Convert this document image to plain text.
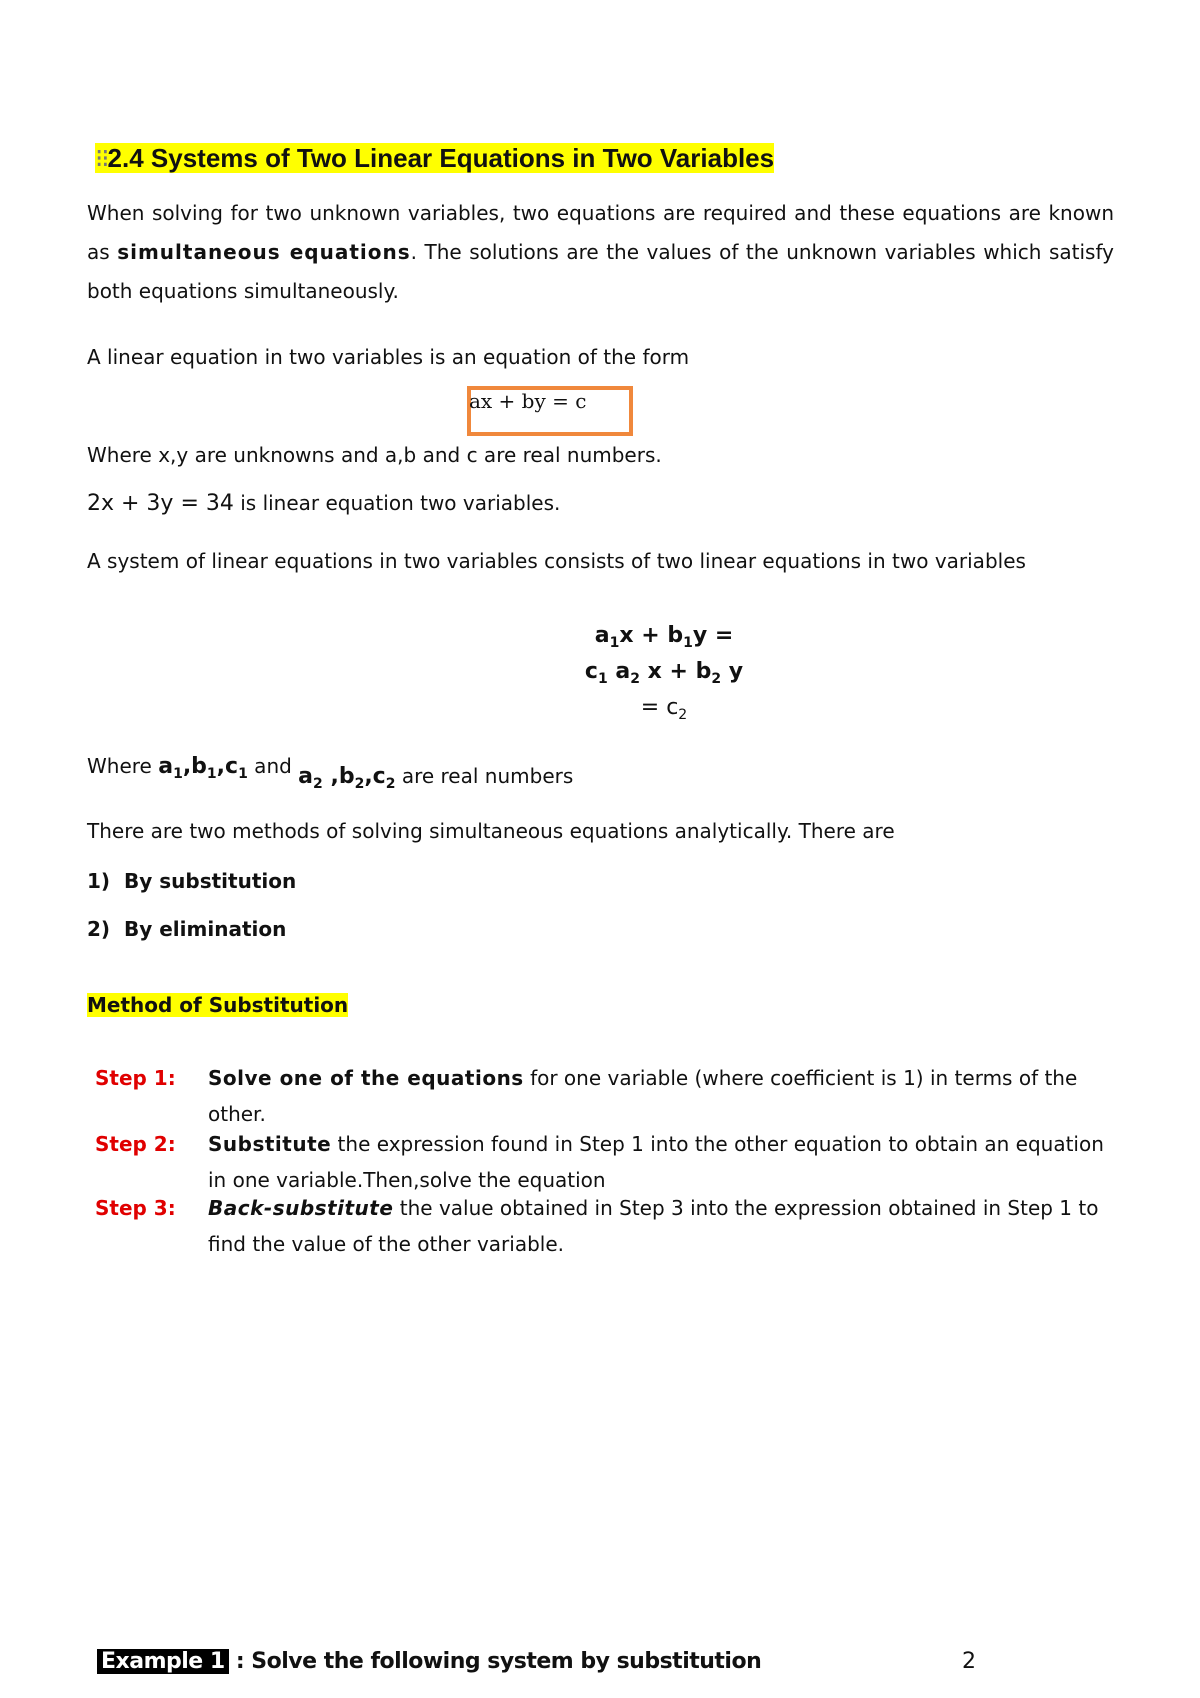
⁝⁝2.4 Systems of Two Linear Equations in Two Variables

When solving for two unknown variables, two equations are required and these equations are known as simultaneous equations. The solutions are the values of the unknown variables which satisfy both equations simultaneously.

A linear equation in two variables is an equation of the form
ax + by = c
Where x,y are unknowns and a,b and c are real numbers.
2x + 3y = 34 is linear equation two variables.

A system of linear equations in two variables consists of two linear equations in two variables

$a_1x + b_1y$ =
$c_1$ $a_2$ $x + b_2$ y
= $c_2$
Where $a_1,b_1,c_1$ and $a_2$ $,b_2,c_2$ are real numbers
There are two methods of solving simultaneous equations analytically. There are
1) By substitution
2) By elimination
Method of Substitution
Step 1: Solve one of the equations for one variable (where coefficient is 1) in terms of the other.

Step 2: Substitute the expression found in Step 1 into the other equation to obtain an equation in one variable.Then,solve the equation

Step 3: Back-substitute the value obtained in Step 3 into the expression obtained in Step 1 to find the value of the other variable.

Example 1 : Solve the following system by substitution	2
